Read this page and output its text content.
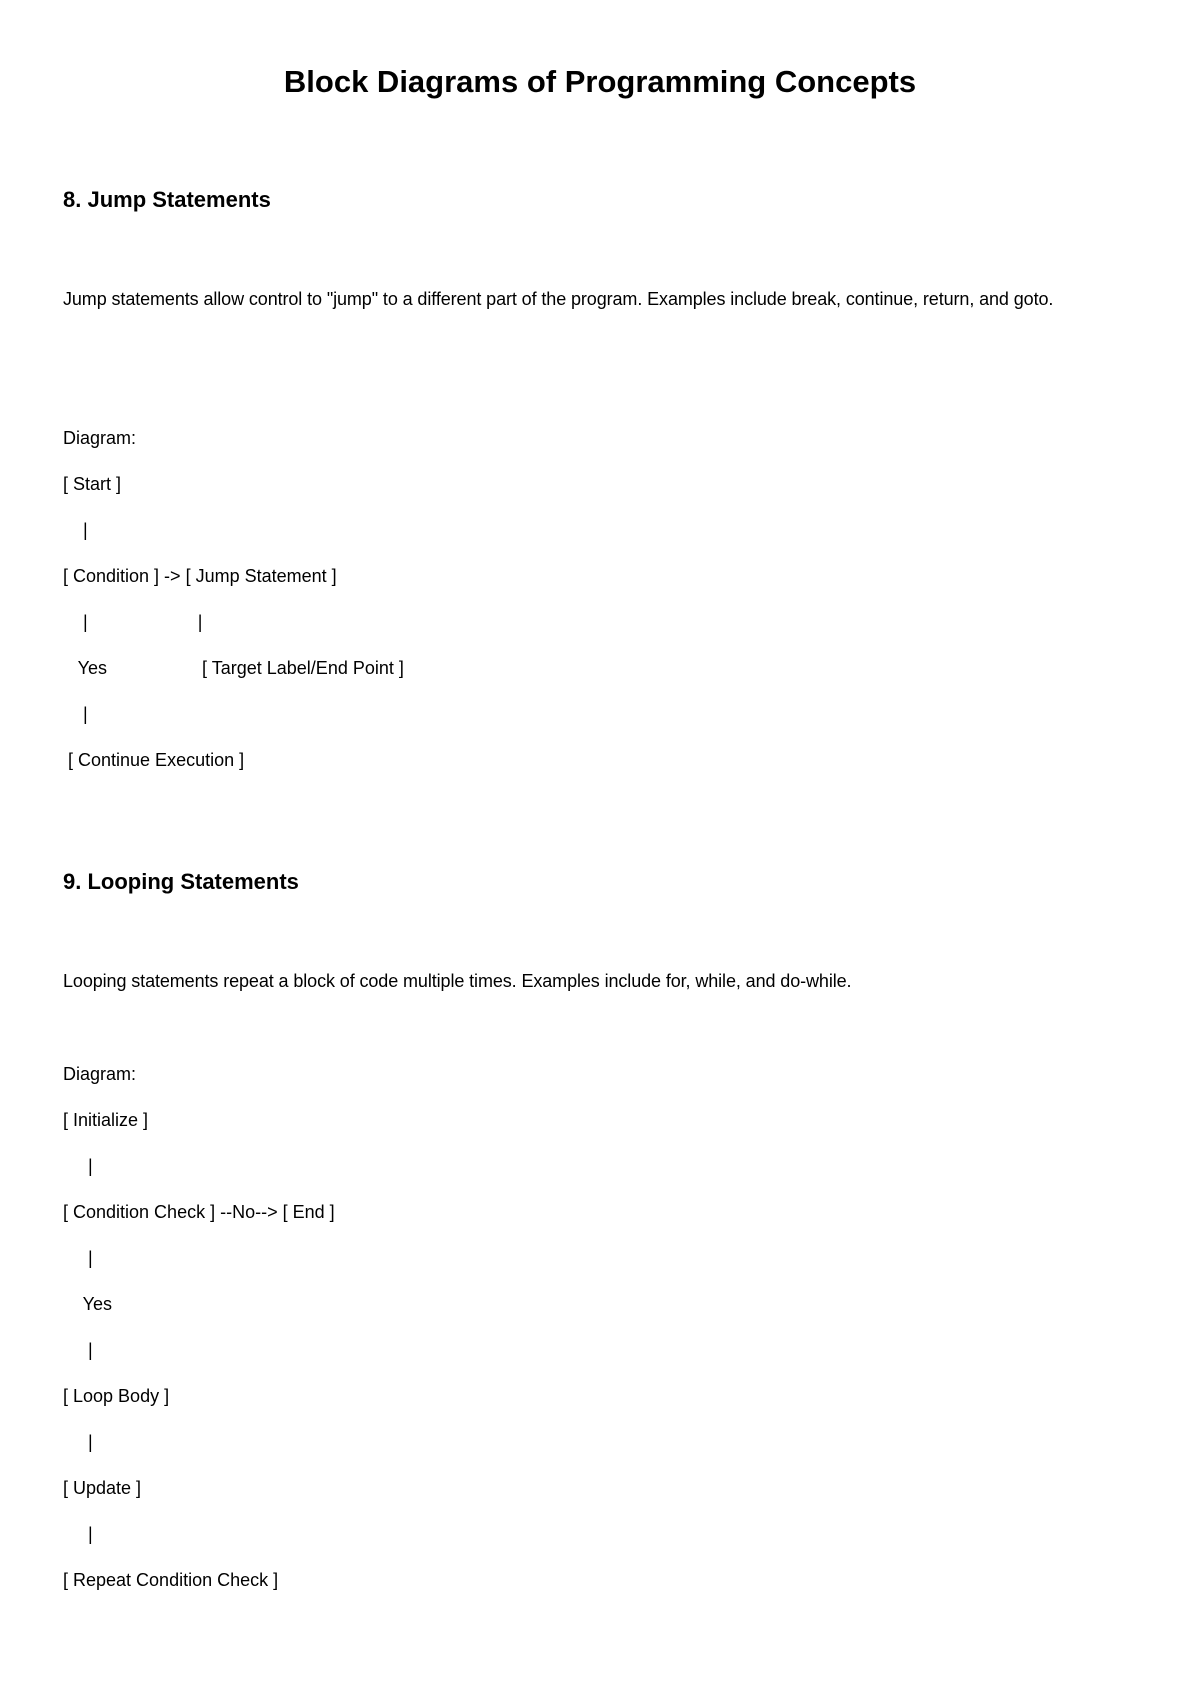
Block Diagrams of Programming Concepts
8. Jump Statements

Jump statements allow control to "jump" to a different part of the program. Examples include break, continue, return, and goto.

Diagram:
[ Start ]
|
[ Condition ] -> [ Jump Statement ]
|                      |
Yes                   [ Target Label/End Point ]
|
[ Continue Execution ]
9. Looping Statements

Looping statements repeat a block of code multiple times. Examples include for, while, and do-while.

Diagram:
[ Initialize ]
|
[ Condition Check ] --No--> [ End ]
|
Yes
|
[ Loop Body ]
|
[ Update ]
|
[ Repeat Condition Check ]
